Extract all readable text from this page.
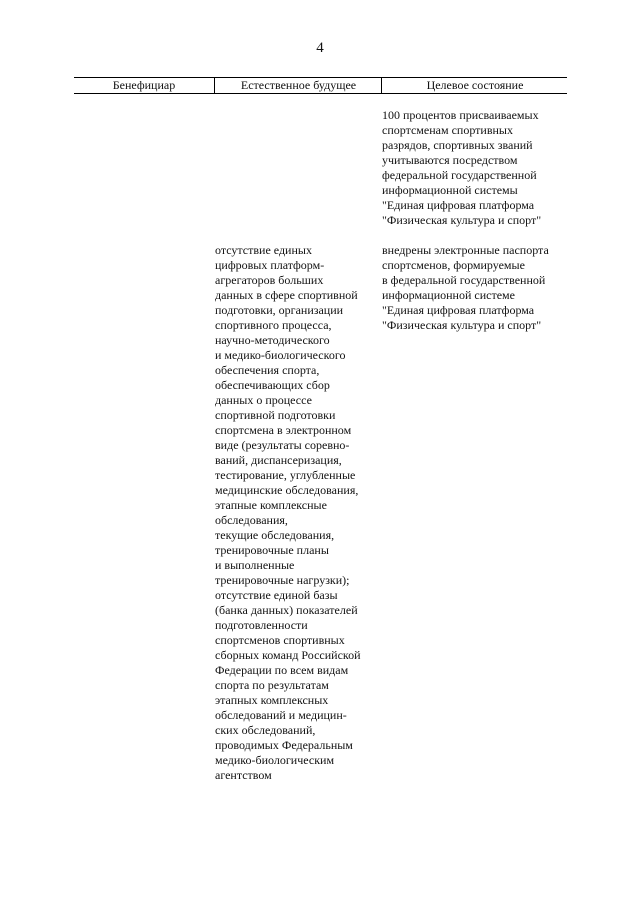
4
Бенефициар	Естественное будущее	Целевое состояние
100 процентов присваиваемых
спортсменам спортивных
разрядов, спортивных званий
учитываются посредством
федеральной государственной
информационной системы
"Единая цифровая платформа
"Физическая культура и спорт"
отсутствие единых
цифровых платформ-
агрегаторов больших
данных в сфере спортивной
подготовки, организации
спортивного процесса,
научно-методического
и медико-биологического
обеспечения спорта,
обеспечивающих сбор
данных о процессе
спортивной подготовки
спортсмена в электронном
виде (результаты соревно-
ваний, диспансеризация,
тестирование, углубленные
медицинские обследования,
этапные комплексные
обследования,
текущие обследования,
тренировочные планы
и выполненные
тренировочные нагрузки);
отсутствие единой базы
(банка данных) показателей
подготовленности
спортсменов спортивных
сборных команд Российской
Федерации по всем видам
спорта по результатам
этапных комплексных
обследований и медицин-
ских обследований,
проводимых Федеральным
медико-биологическим
агентством
внедрены электронные паспорта
спортсменов, формируемые
в федеральной государственной
информационной системе
"Единая цифровая платформа
"Физическая культура и спорт"
